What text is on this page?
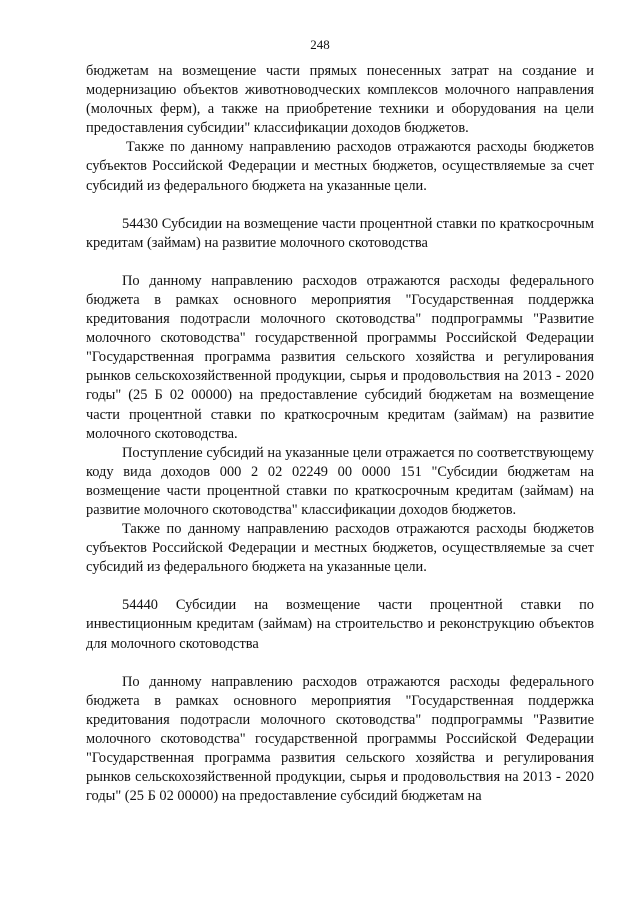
248

бюджетам на возмещение части прямых понесенных затрат на создание и модернизацию объектов животноводческих комплексов молочного направления (молочных ферм), а также на приобретение техники и оборудования на цели предоставления субсидии" классификации доходов бюджетов.

Также по данному направлению расходов отражаются расходы бюджетов субъектов Российской Федерации и местных бюджетов, осуществляемые за счет субсидий из федерального бюджета на указанные цели.

54430 Субсидии на возмещение части процентной ставки по краткосрочным кредитам (займам) на развитие молочного скотоводства

По данному направлению расходов отражаются расходы федерального бюджета в рамках основного мероприятия "Государственная поддержка кредитования подотрасли молочного скотоводства" подпрограммы "Развитие молочного скотоводства" государственной программы Российской Федерации "Государственная программа развития сельского хозяйства и регулирования рынков сельскохозяйственной продукции, сырья и продовольствия на 2013 - 2020 годы" (25 Б 02 00000) на предоставление субсидий бюджетам на возмещение части процентной ставки по краткосрочным кредитам (займам) на развитие молочного скотоводства.

Поступление субсидий на указанные цели отражается по соответствующему коду вида доходов 000 2 02 02249 00 0000 151 "Субсидии бюджетам на возмещение части процентной ставки по краткосрочным кредитам (займам) на развитие молочного скотоводства" классификации доходов бюджетов.

Также по данному направлению расходов отражаются расходы бюджетов субъектов Российской Федерации и местных бюджетов, осуществляемые за счет субсидий из федерального бюджета на указанные цели.

54440 Субсидии на возмещение части процентной ставки по инвестиционным кредитам (займам) на строительство и реконструкцию объектов для молочного скотоводства

По данному направлению расходов отражаются расходы федерального бюджета в рамках основного мероприятия "Государственная поддержка кредитования подотрасли молочного скотоводства" подпрограммы "Развитие молочного скотоводства" государственной программы Российской Федерации "Государственная программа развития сельского хозяйства и регулирования рынков сельскохозяйственной продукции, сырья и продовольствия на 2013 - 2020 годы" (25 Б 02 00000) на предоставление субсидий бюджетам на
